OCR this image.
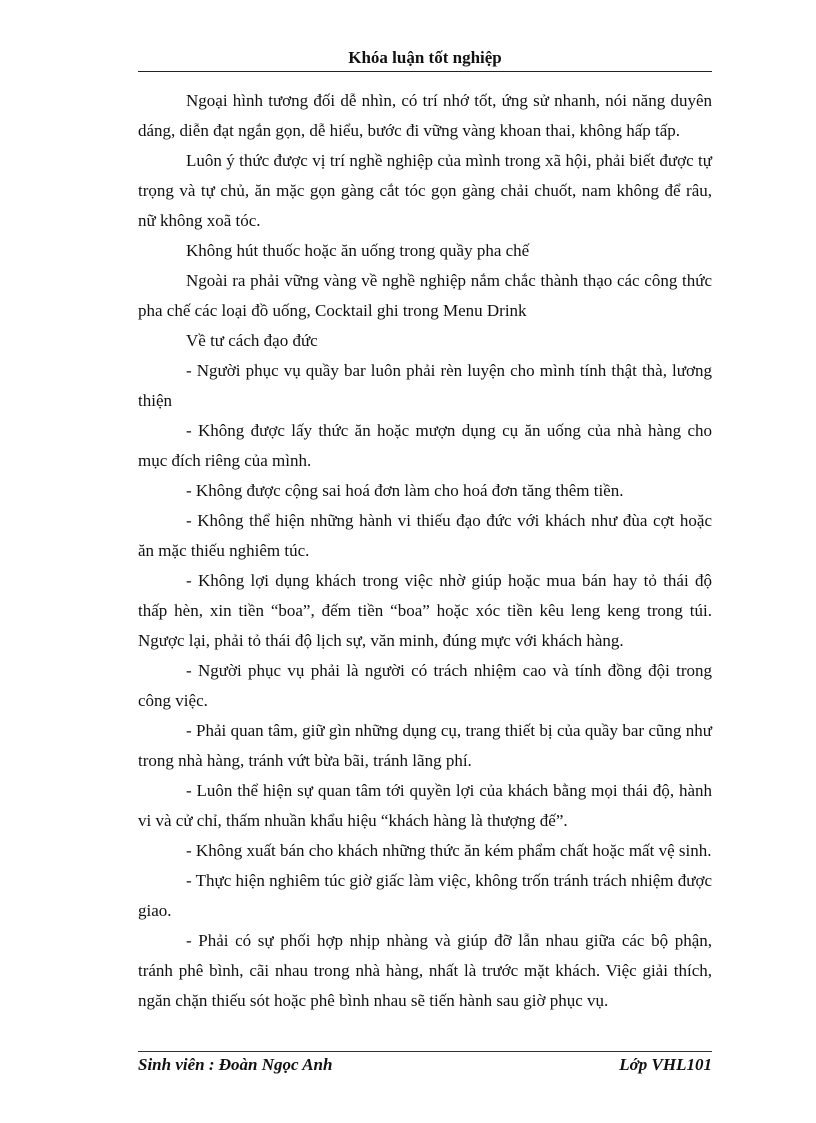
Khóa luận tốt nghiệp

Ngoại hình tương đối dễ nhìn, có trí nhớ tốt, ứng sử nhanh, nói năng duyên dáng, diễn đạt ngắn gọn, dễ hiểu, bước đi vững vàng khoan thai, không hấp tấp.

Luôn ý thức được vị trí nghề nghiệp của mình trong xã hội, phải biết được tự trọng và tự chủ, ăn mặc gọn gàng cắt tóc gọn gàng chải chuốt, nam không để râu, nữ không xoã tóc.

Không hút thuốc hoặc ăn uống trong quầy pha chế

Ngoài ra phải vững vàng về nghề nghiệp nắm chắc thành thạo các công thức pha chế các loại đồ uống, Cocktail ghi trong Menu Drink

Về tư cách đạo đức

- Người phục vụ quầy bar luôn phải rèn luyện cho mình tính thật thà, lương thiện

- Không được lấy thức ăn hoặc mượn dụng cụ ăn uống của nhà hàng cho mục đích riêng của mình.

- Không được cộng sai hoá đơn làm cho hoá đơn tăng thêm tiền.

- Không thể hiện những hành vi thiếu đạo đức với khách như đùa cợt hoặc ăn mặc thiếu nghiêm túc.

- Không lợi dụng khách trong việc nhờ giúp hoặc mua bán hay tỏ thái độ thấp hèn, xin tiền “boa”, đếm tiền “boa” hoặc xóc tiền kêu leng keng trong túi. Ngược lại, phải tỏ thái độ lịch sự, văn minh, đúng mực với khách hàng.

- Người phục vụ phải là người có trách nhiệm cao và tính đồng đội trong công việc.

- Phải quan tâm, giữ gìn những dụng cụ, trang thiết bị của quầy bar cũng như trong nhà hàng, tránh vứt bừa bãi, tránh lãng phí.

- Luôn thể hiện sự quan tâm tới quyền lợi của khách bằng mọi thái độ, hành vi và cử chỉ, thấm nhuần khẩu hiệu “khách hàng là thượng đế”.

- Không xuất bán cho khách những thức ăn kém phẩm chất hoặc mất vệ sinh.

- Thực hiện nghiêm túc giờ giấc làm việc, không trốn tránh trách nhiệm được giao.

- Phải có sự phối hợp nhịp nhàng và giúp đỡ lẫn nhau giữa các bộ phận, tránh phê bình, cãi nhau trong nhà hàng, nhất là trước mặt khách. Việc giải thích, ngăn chặn thiếu sót hoặc phê bình nhau sẽ tiến hành sau giờ phục vụ.

Sinh viên : Đoàn Ngọc Anh	Lớp VHL101
